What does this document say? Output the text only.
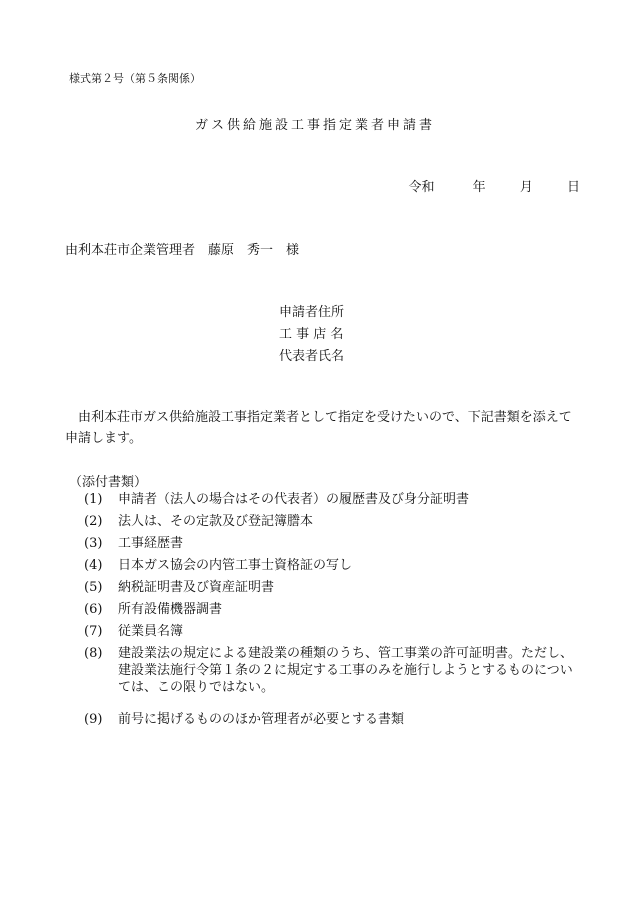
様式第２号（第５条関係）
ガス供給施設工事指定業者申請書
令和	年	月	日
由利本荘市企業管理者　藤原　秀一　様
申請者住所
工 事 店 名
代表者氏名
由利本荘市ガス供給施設工事指定業者として指定を受けたいので、下記書類を添えて申請します。
（添付書類）
(1)	申請者（法人の場合はその代表者）の履歴書及び身分証明書
(2)	法人は、その定款及び登記簿謄本
(3)	工事経歴書
(4)	日本ガス協会の内管工事士資格証の写し
(5)	納税証明書及び資産証明書
(6)	所有設備機器調書
(7)	従業員名簿
(8)	建設業法の規定による建設業の種類のうち、管工事業の許可証明書。ただし、建設業法施行令第１条の２に規定する工事のみを施行しようとするものについては、この限りではない。
(9)	前号に掲げるもののほか管理者が必要とする書類
